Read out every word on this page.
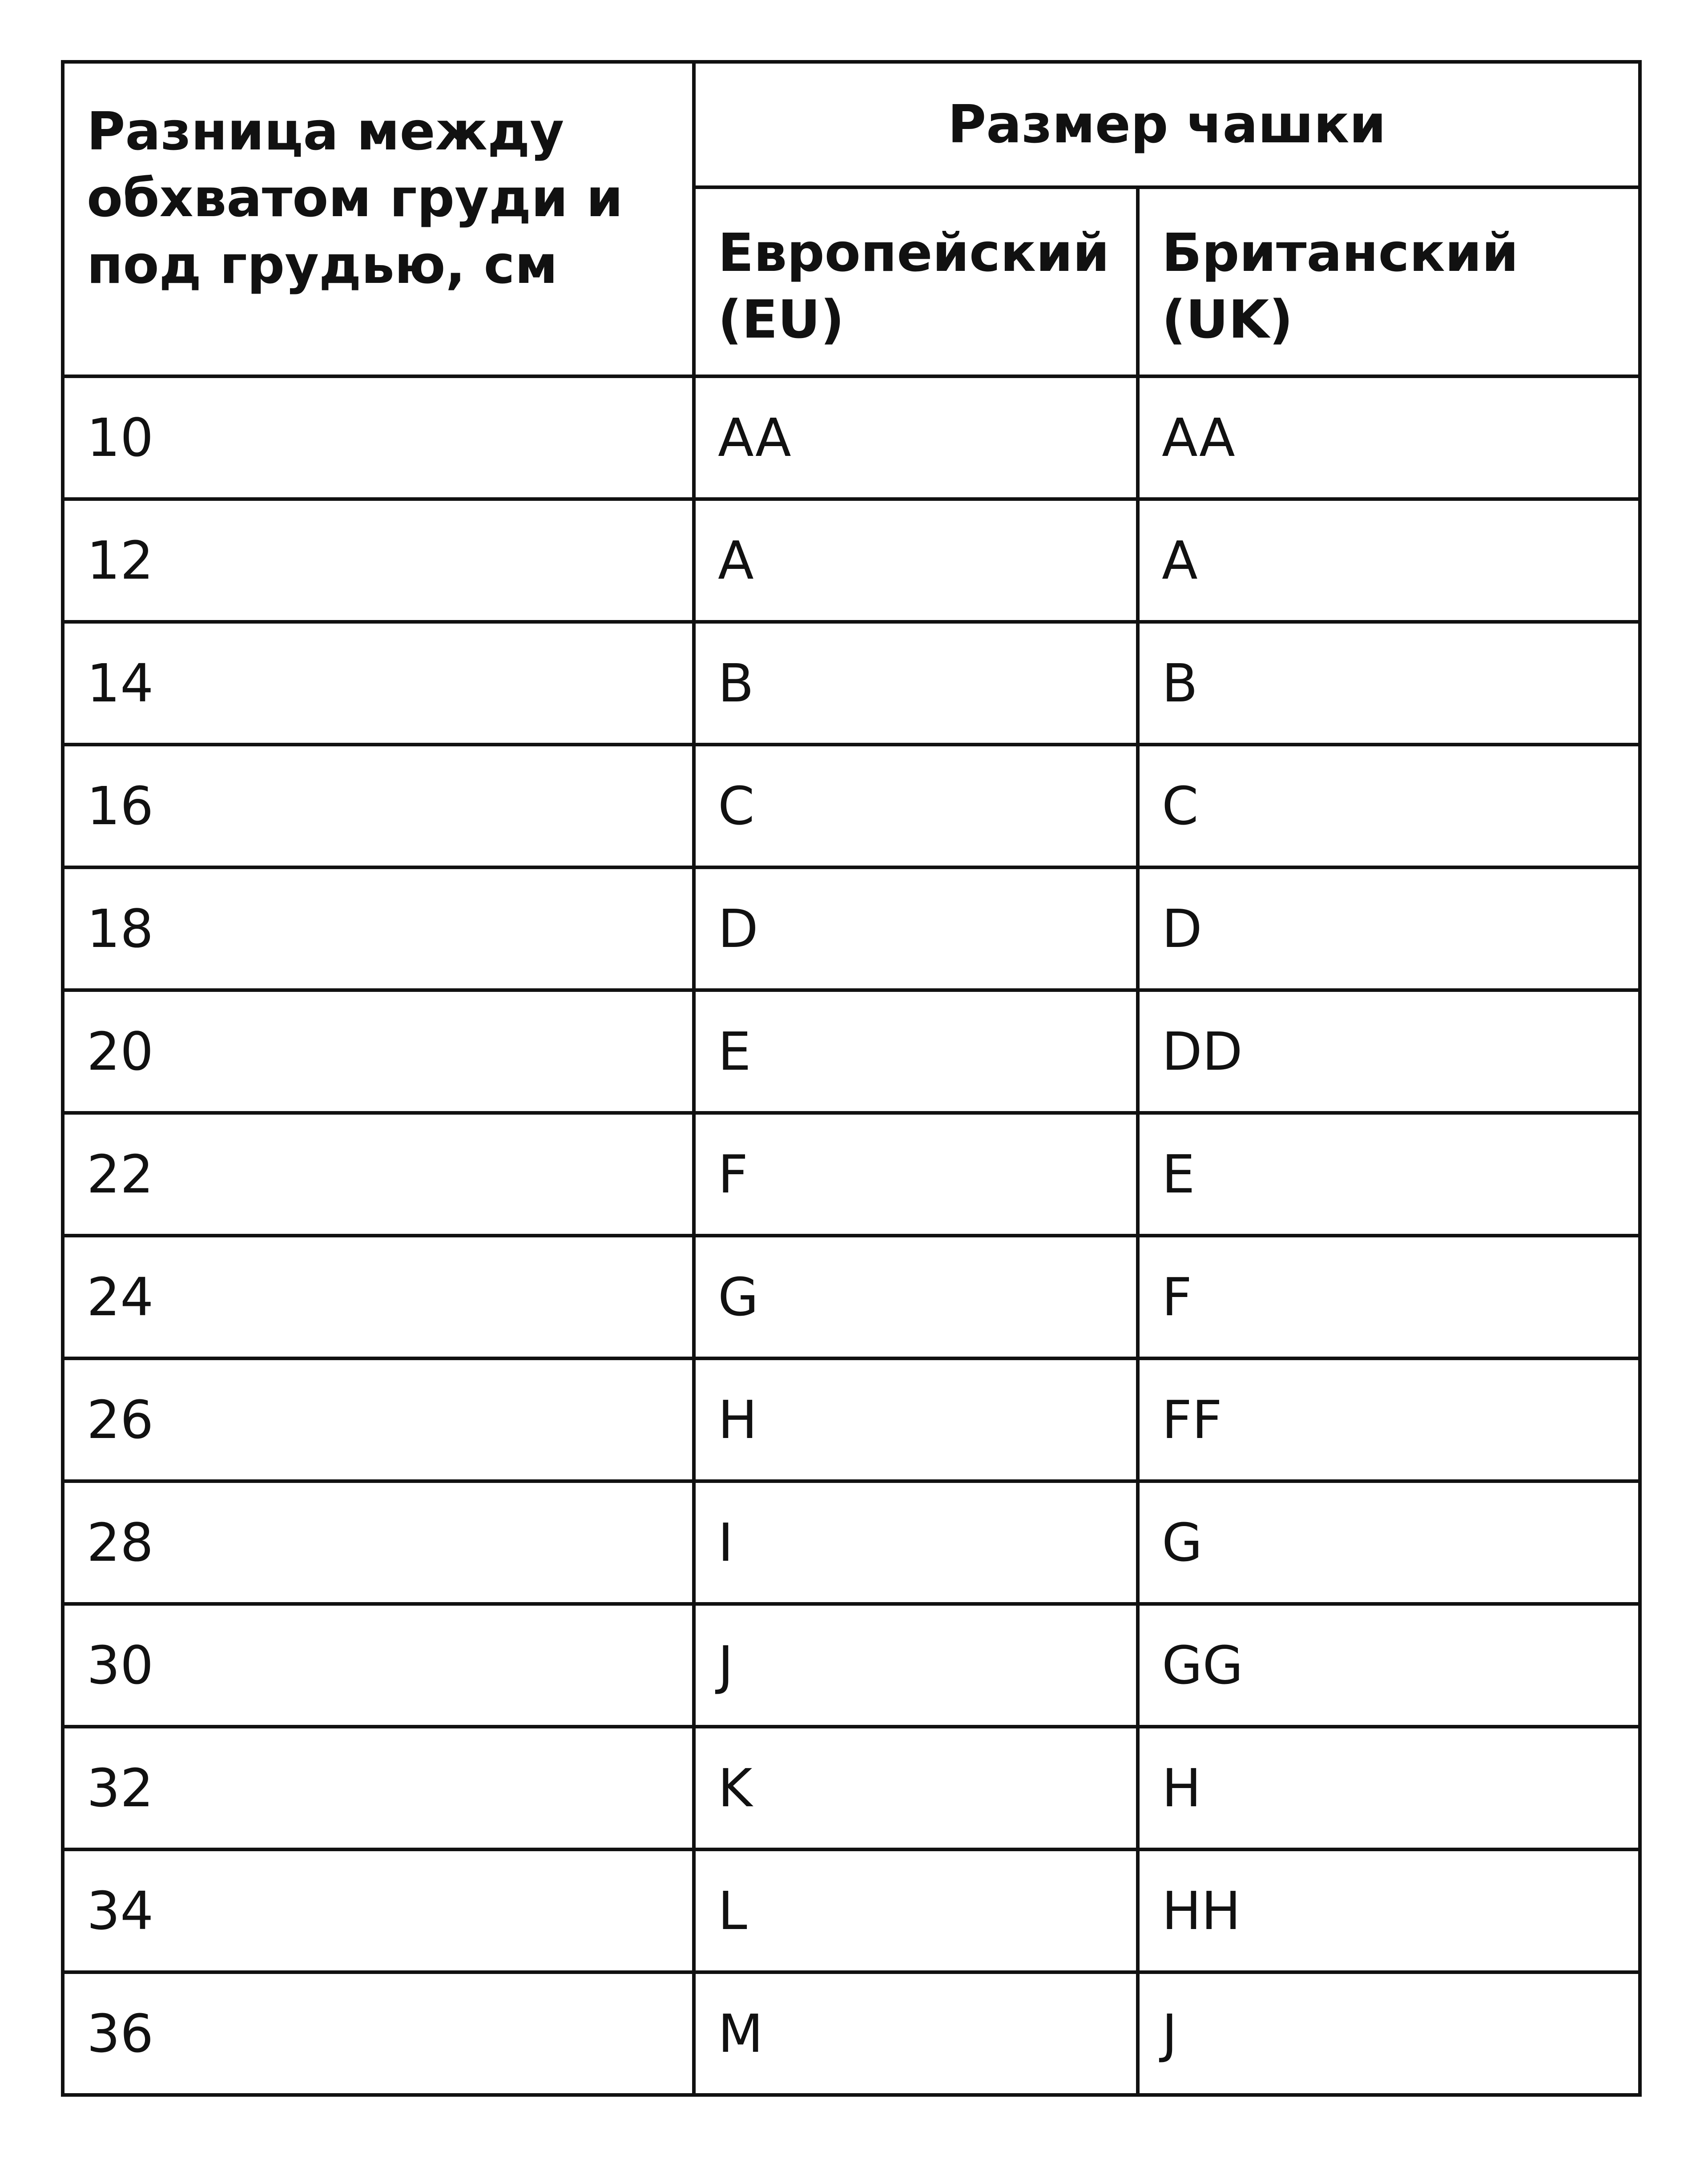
Разница между обхватом груди и под грудью, см	Размер чашки	
	Европейский (EU)	Британский (UK)
10	AA	AA
12	A	A
14	B	B
16	C	C
18	D	D
20	E	DD
22	F	E
24	G	F
26	H	FF
28	I	G
30	J	GG
32	K	H
34	L	HH
36	M	J
